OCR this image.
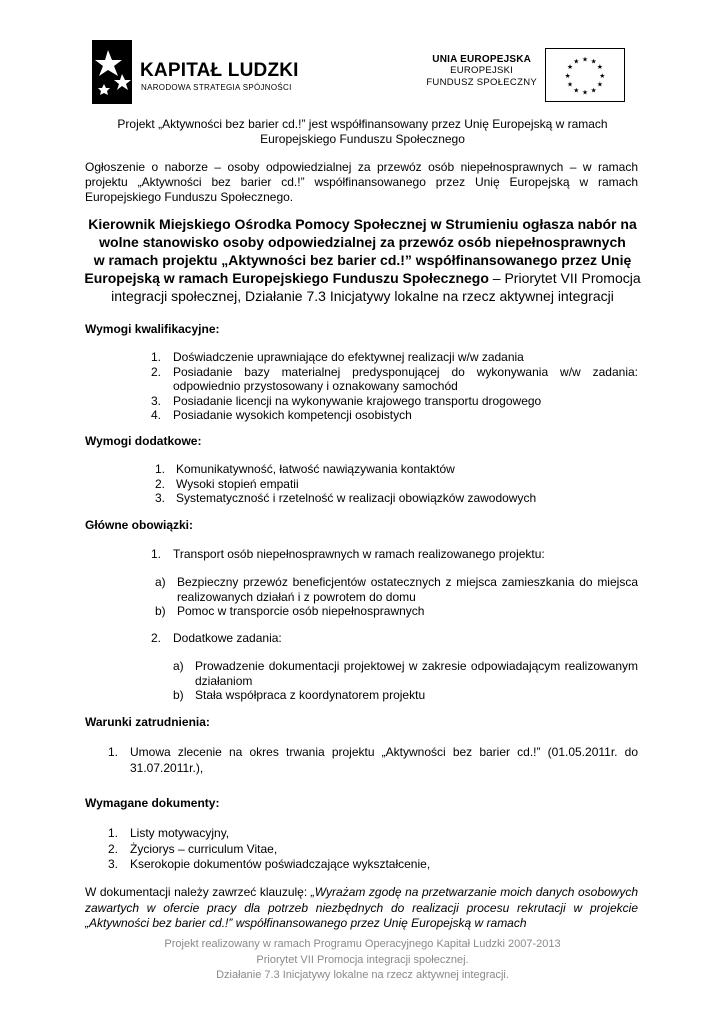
KAPITAŁ LUDZKI
NARODOWA STRATEGIA SPÓJNOŚCI
UNIA EUROPEJSKA
EUROPEJSKI
FUNDUSZ SPOŁECZNY
★ ★
★
★
★
★
★
★
★
★
★
★
Projekt „Aktywności bez barier cd.!” jest współfinansowany przez Unię Europejską w ramach
Europejskiego Funduszu Społecznego

Ogłoszenie o naborze – osoby odpowiedzialnej za przewóz osób niepełnosprawnych – w ramach projektu „Aktywności bez barier cd.!” współfinansowanego przez Unię Europejską w ramach Europejskiego Funduszu Społecznego.

Kierownik Miejskiego Ośrodka Pomocy Społecznej w Strumieniu ogłasza nabór na
wolne stanowisko osoby odpowiedzialnej za przewóz osób niepełnosprawnych
w ramach projektu „Aktywności bez barier cd.!” współfinansowanego przez Unię
Europejską w ramach Europejskiego Funduszu Społecznego – Priorytet VII Promocja
integracji społecznej, Działanie 7.3 Inicjatywy lokalne na rzecz aktywnej integracji
Wymogi kwalifikacyjne:
1. Doświadczenie uprawniające do efektywnej realizacji w/w zadania
2. Posiadanie bazy materialnej predysponującej do wykonywania w/w zadania: odpowiednio przystosowany i oznakowany samochód
3. Posiadanie licencji na wykonywanie krajowego transportu drogowego
4. Posiadanie wysokich kompetencji osobistych
Wymogi dodatkowe:
1. Komunikatywność, łatwość nawiązywania kontaktów
2. Wysoki stopień empatii
3. Systematyczność i rzetelność w realizacji obowiązków zawodowych
Główne obowiązki:
1. Transport osób niepełnosprawnych w ramach realizowanego projektu:
a) Bezpieczny przewóz beneficjentów ostatecznych z miejsca zamieszkania do miejsca realizowanych działań i z powrotem do domu
b) Pomoc w transporcie osób niepełnosprawnych
2. Dodatkowe zadania:
a) Prowadzenie dokumentacji projektowej w zakresie odpowiadającym realizowanym działaniom
b) Stała współpraca z koordynatorem projektu
Warunki zatrudnienia:
1. Umowa zlecenie na okres trwania projektu „Aktywności bez barier cd.!” (01.05.2011r. do 31.07.2011r.),
Wymagane dokumenty:
1. Listy motywacyjny,
2. Życiorys – curriculum Vitae,
3. Kserokopie dokumentów poświadczające wykształcenie,

W dokumentacji należy zawrzeć klauzulę: „Wyrażam zgodę na przetwarzanie moich danych osobowych zawartych w ofercie pracy dla potrzeb niezbędnych do realizacji procesu rekrutacji w projekcie „Aktywności bez barier cd.!” współfinansowanego przez Unię Europejską w ramach

Projekt realizowany w ramach Programu Operacyjnego Kapitał Ludzki 2007-2013
Priorytet VII Promocja integracji społecznej.
Działanie 7.3 Inicjatywy lokalne na rzecz aktywnej integracji.
